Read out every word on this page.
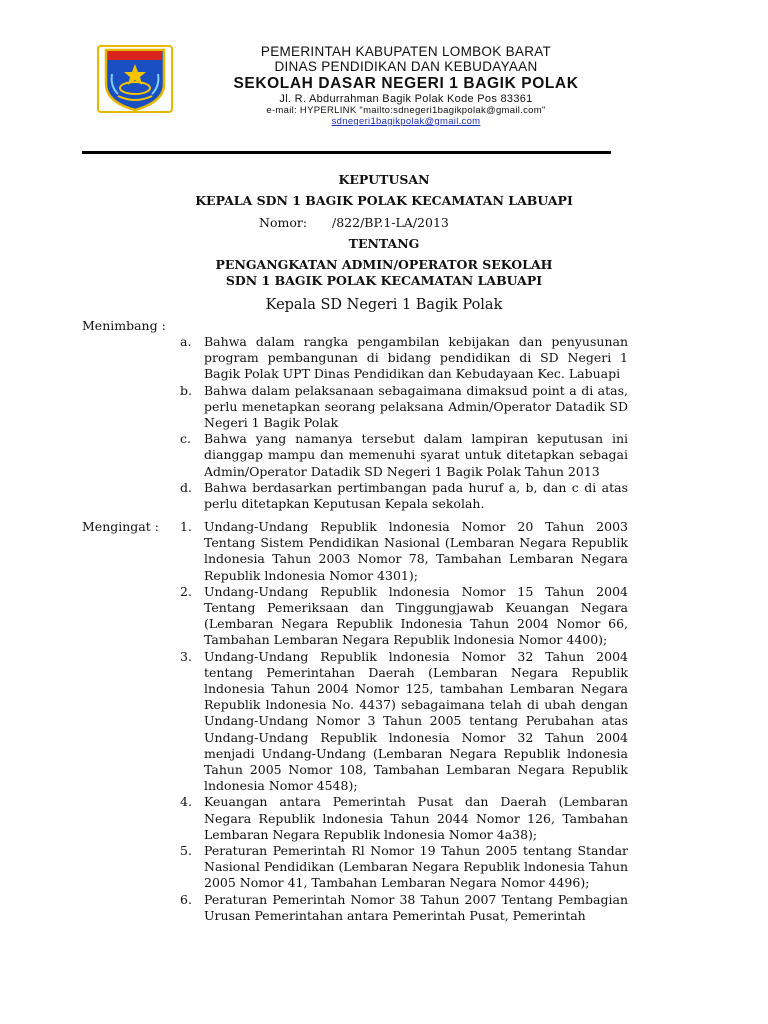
PEMERINTAH KABUPATEN LOMBOK BARAT
DINAS PENDIDIKAN DAN KEBUDAYAAN
SEKOLAH DASAR NEGERI 1 BAGIK POLAK
Jl. R. Abdurrahman Bagik Polak Kode Pos 83361
e-mail: HYPERLINK "mailto:sdnegeri1bagikpolak@gmail.com"
sdnegeri1bagikpolak@gmail.com
KEPUTUSAN
KEPALA SDN 1 BAGIK POLAK KECAMATAN LABUAPI
Nomor: /822/BP.1-LA/2013
TENTANG
PENGANGKATAN ADMIN/OPERATOR SEKOLAH
SDN 1 BAGIK POLAK KECAMATAN LABUAPI
Kepala SD Negeri 1 Bagik Polak
Menimbang :
a. Bahwa dalam rangka pengambilan kebijakan dan penyusunan program pembangunan di bidang pendidikan di SD Negeri 1 Bagik Polak UPT Dinas Pendidikan dan Kebudayaan Kec. Labuapi
b. Bahwa dalam pelaksanaan sebagaimana dimaksud point a di atas, perlu menetapkan seorang pelaksana Admin/Operator Datadik SD Negeri 1 Bagik Polak
c. Bahwa yang namanya tersebut dalam lampiran keputusan ini dianggap mampu dan memenuhi syarat untuk ditetapkan sebagai Admin/Operator Datadik SD Negeri 1 Bagik Polak Tahun 2013
d. Bahwa berdasarkan pertimbangan pada huruf a, b, dan c di atas perlu ditetapkan Keputusan Kepala sekolah.
Mengingat : 1. Undang-Undang Republik lndonesia Nomor 20 Tahun 2003 Tentang Sistem Pendidikan Nasional (Lembaran Negara Republik lndonesia Tahun 2003 Nomor 78, Tambahan Lembaran Negara Republik lndonesia Nomor 4301);
2. Undang-Undang Republik lndonesia Nomor 15 Tahun 2004 Tentang Pemeriksaan dan Tinggungjawab Keuangan Negara (Lembaran Negara Republik Indonesia Tahun 2004 Nomor 66, Tambahan Lembaran Negara Republik lndonesia Nomor 4400);
3. Undang-Undang Republik lndonesia Nomor 32 Tahun 2004 tentang Pemerintahan Daerah (Lembaran Negara Republik lndonesia Tahun 2004 Nomor 125, tambahan Lembaran Negara Republik lndonesia No. 4437) sebagaimana telah di ubah dengan Undang-Undang Nomor 3 Tahun 2005 tentang Perubahan atas Undang-Undang Republik lndonesia Nomor 32 Tahun 2004 menjadi Undang-Undang (Lembaran Negara Republik lndonesia Tahun 2005 Nomor 108, Tambahan Lembaran Negara Republik lndonesia Nomor 4548);
4. Keuangan antara Pemerintah Pusat dan Daerah (Lembaran Negara Republik lndonesia Tahun 2044 Nomor 126, Tambahan Lembaran Negara Republik lndonesia Nomor 4a38);
5. Peraturan Pemerintah Rl Nomor 19 Tahun 2005 tentang Standar Nasional Pendidikan (Lembaran Negara Republik lndonesia Tahun 2005 Nomor 41, Tambahan Lembaran Negara Nomor 4496);
6. Peraturan Pemerintah Nomor 38 Tahun 2007 Tentang Pembagian Urusan Pemerintahan antara Pemerintah Pusat, Pemerintah
